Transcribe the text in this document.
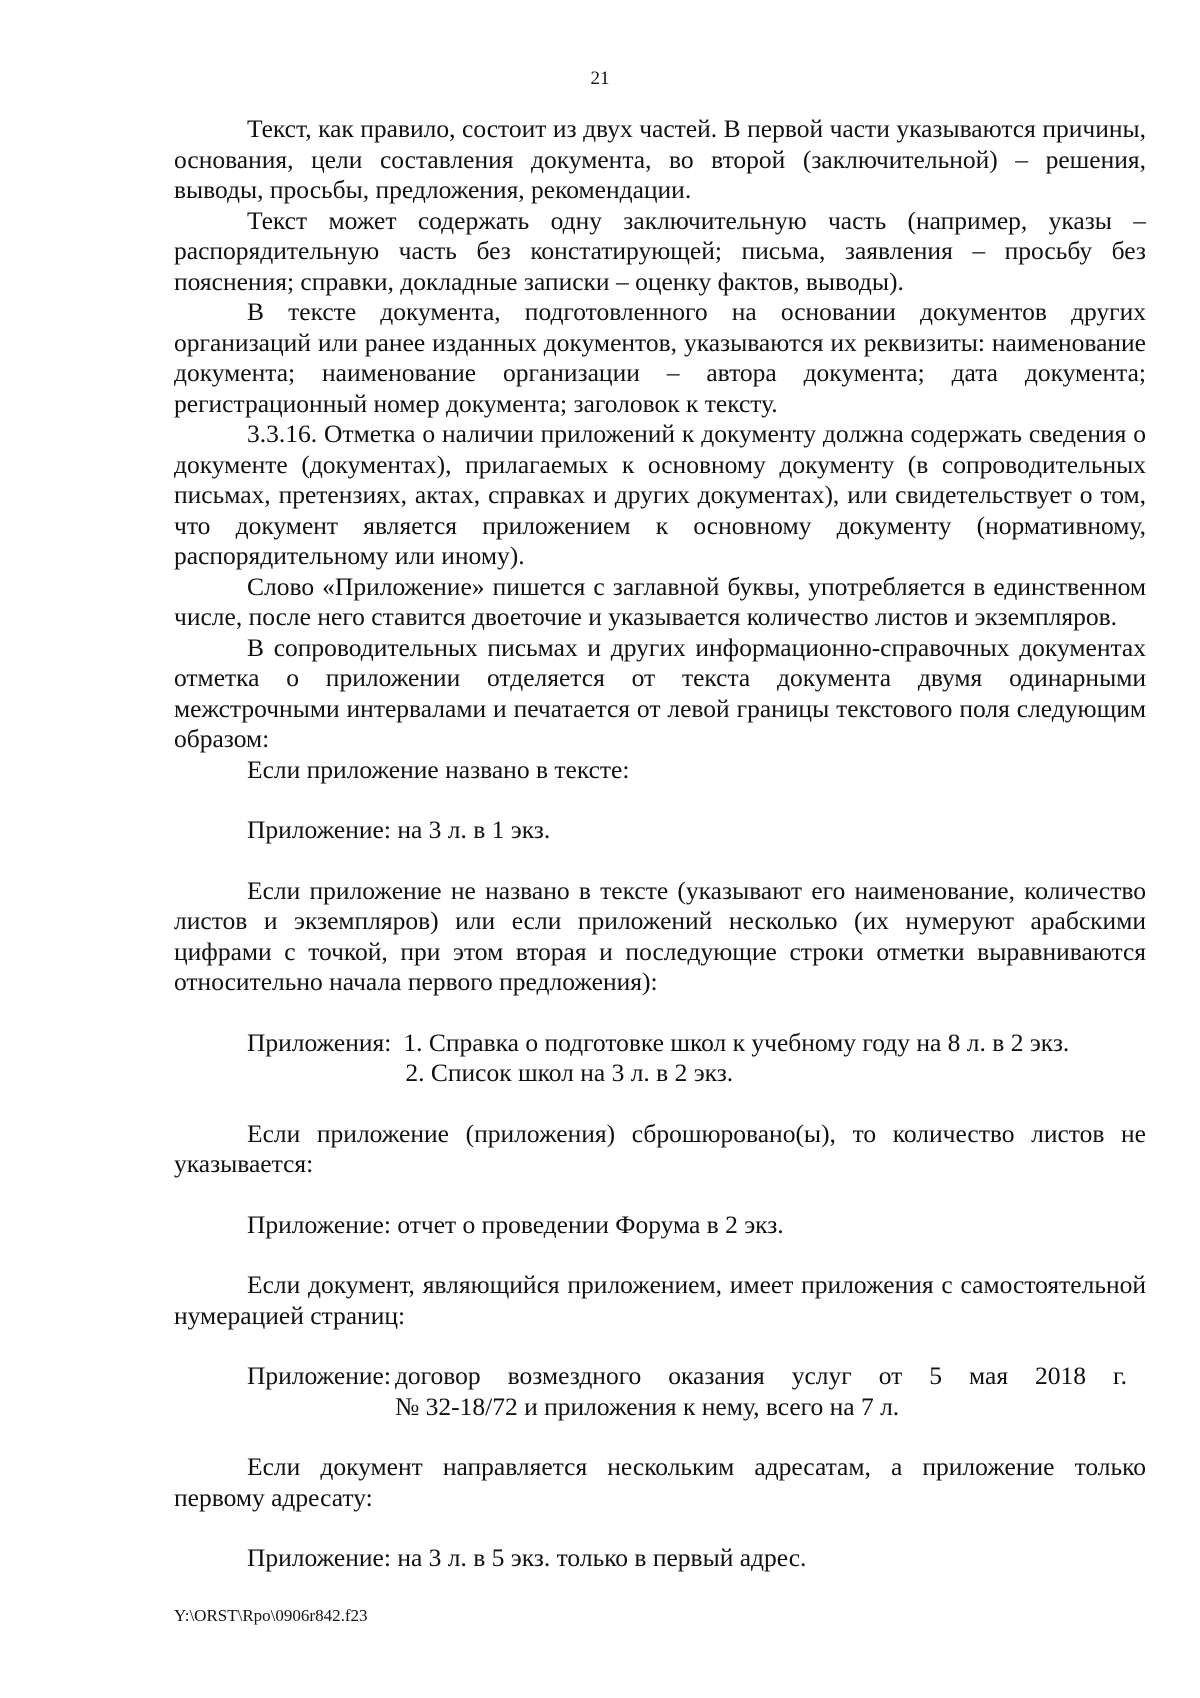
21

Текст, как правило, состоит из двух частей. В первой части указываются причины, основания, цели составления документа, во второй (заключительной) – решения, выводы, просьбы, предложения, рекомендации.

Текст может содержать одну заключительную часть (например, указы – распорядительную часть без констатирующей; письма, заявления – просьбу без пояснения; справки, докладные записки – оценку фактов, выводы).

В тексте документа, подготовленного на основании документов других организаций или ранее изданных документов, указываются их реквизиты: наименование документа; наименование организации – автора документа; дата документа; регистрационный номер документа; заголовок к тексту.

3.3.16. Отметка о наличии приложений к документу должна содержать сведения о документе (документах), прилагаемых к основному документу (в сопроводительных письмах, претензиях, актах, справках и других документах), или свидетельствует о том, что документ является приложением к основному документу (нормативному, распорядительному или иному).

Слово «Приложение» пишется с заглавной буквы, употребляется в единственном числе, после него ставится двоеточие и указывается количество листов и экземпляров.

В сопроводительных письмах и других информационно-справочных документах отметка о приложении отделяется от текста документа двумя одинарными межстрочными интервалами и печатается от левой границы текстового поля следующим образом:

Если приложение названо в тексте:

Приложение: на 3 л. в 1 экз.

Если приложение не названо в тексте (указывают его наименование, количество листов и экземпляров) или если приложений несколько (их нумеруют арабскими цифрами с точкой, при этом вторая и последующие строки отметки выравниваются относительно начала первого предложения):

Приложения: 1. Справка о подготовке школ к учебному году на 8 л. в 2 экз.
2. Список школ на 3 л. в 2 экз.

Если приложение (приложения) сброшюровано(ы), то количество листов не указывается:

Приложение: отчет о проведении Форума в 2 экз.

Если документ, являющийся приложением, имеет приложения с самостоятельной нумерацией страниц:

Приложение: договор возмездного оказания услуг от 5 мая 2018 г.
№ 32-18/72 и приложения к нему, всего на 7 л.

Если документ направляется нескольким адресатам, а приложение только первому адресату:

Приложение: на 3 л. в 5 экз. только в первый адрес.

Y:\ORST\Rpo\0906r842.f23
